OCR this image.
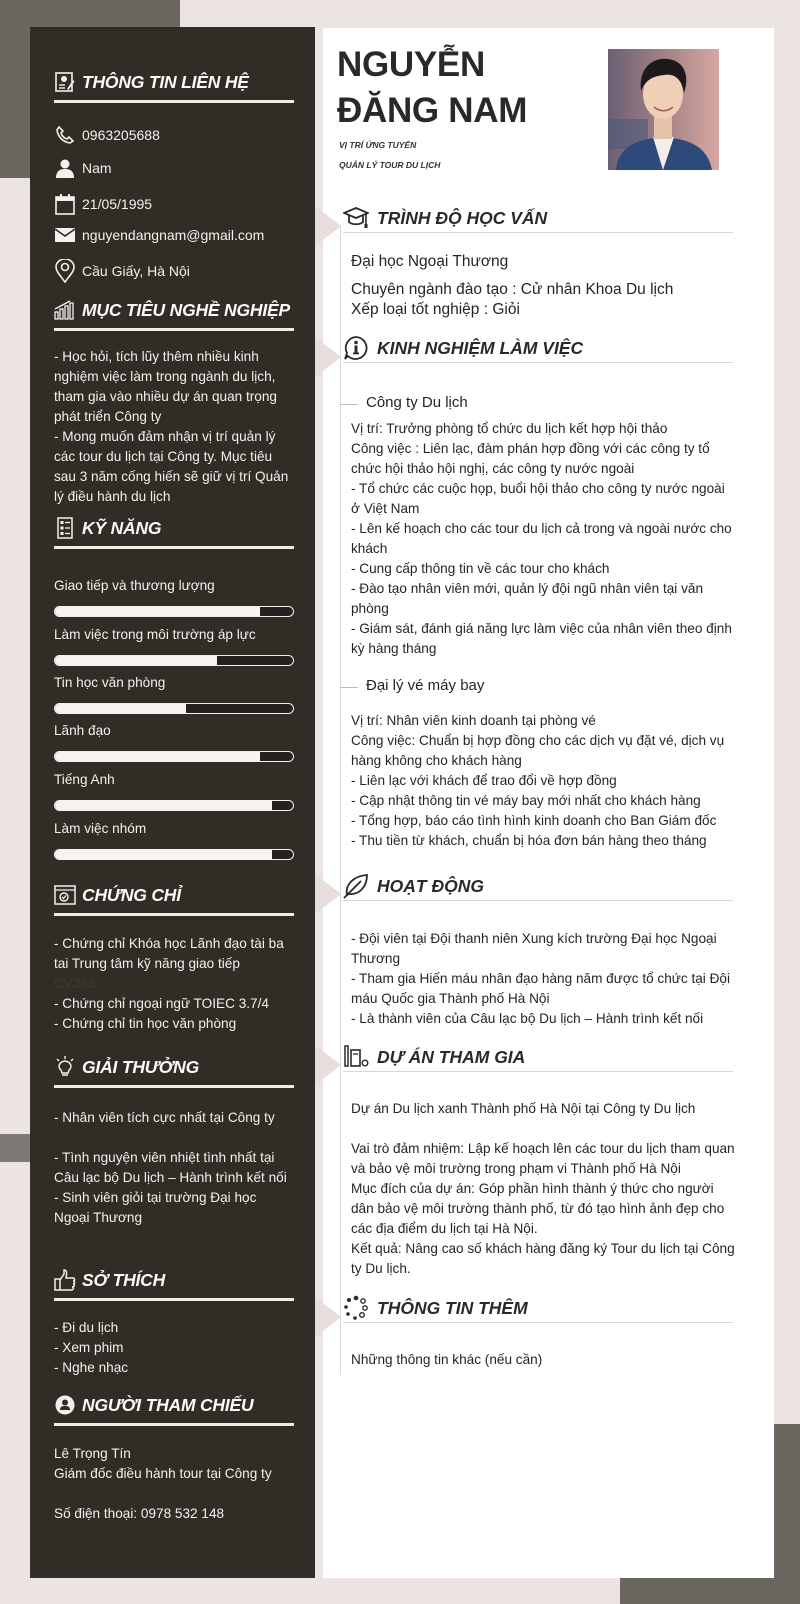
THÔNG TIN LIÊN HỆ
0963205688
Nam
21/05/1995
nguyendangnam@gmail.com
Cầu Giấy, Hà Nội
MỤC TIÊU NGHỀ NGHIỆP
- Học hỏi, tích lũy thêm nhiều kinh nghiệm việc làm trong ngành du lịch, tham gia vào nhiều dự án quan trọng phát triển Công ty
- Mong muốn đảm nhận vị trí quản lý các tour du lịch tại Công ty. Mục tiêu sau 3 năm cống hiến sẽ giữ vị trí Quản lý điều hành du lịch
KỸ NĂNG
Giao tiếp và thương lượng
Làm việc trong môi trường áp lực
Tin học văn phòng
Lãnh đạo
Tiếng Anh
Làm việc nhóm
CHỨNG CHỈ
- Chứng chỉ Khóa học Lãnh đạo tài ba tai Trung tâm kỹ năng giao tiếp
CV365
- Chứng chỉ ngoại ngữ TOIEC 3.7/4
- Chứng chỉ tin học văn phòng
GIẢI THƯỞNG
- Nhân viên tích cực nhất tại Công ty
- Tình nguyện viên nhiệt tình nhất tại Câu lạc bộ Du lịch – Hành trình kết nối
- Sinh viên giỏi tại trường Đại học Ngoại Thương
SỞ THÍCH
- Đi du lịch
- Xem phim
- Nghe nhạc
NGƯỜI THAM CHIẾU
Lê Trọng Tín
Giám đốc điều hành tour tại Công ty
Số điện thoại: 0978 532 148
NGUYỄN
ĐĂNG NAM
VỊ TRÍ ỨNG TUYỂN
QUẢN LÝ TOUR DU LỊCH
TRÌNH ĐỘ HỌC VẤN
Đại học Ngoại Thương
Chuyên ngành đào tạo : Cử nhân Khoa Du lịch
Xếp loại tốt nghiệp : Giỏi
KINH NGHIỆM LÀM VIỆC
Công ty Du lịch
Vị trí: Trưởng phòng tổ chức du lịch kết hợp hội thảo
Công việc : Liên lạc, đàm phán hợp đồng với các công ty tổ chức hội thảo hội nghị, các công ty nước ngoài
- Tổ chức các cuộc họp, buổi hội thảo cho công ty nước ngoài ở Việt Nam
- Lên kế hoạch cho các tour du lịch cả trong và ngoài nước cho khách
- Cung cấp thông tin về các tour cho khách
- Đào tạo nhân viên mới, quản lý đội ngũ nhân viên tại văn phòng
- Giám sát, đánh giá năng lực làm việc của nhân viên theo định kỳ hàng tháng
Đại lý vé máy bay
Vị trí: Nhân viên kinh doanh tại phòng vé
Công việc: Chuẩn bị hợp đồng cho các dịch vụ đặt vé, dịch vụ hàng không cho khách hàng
- Liên lạc với khách để trao đổi về hợp đồng
- Cập nhật thông tin vé máy bay mới nhất cho khách hàng
- Tổng hợp, báo cáo tình hình kinh doanh cho Ban Giám đốc
- Thu tiền từ khách, chuẩn bị hóa đơn bán hàng theo tháng
HOẠT ĐỘNG
- Đội viên tại Đội thanh niên Xung kích trường Đại học Ngoại Thương
- Tham gia Hiến máu nhân đạo hàng năm được tổ chức tại Đội máu Quốc gia Thành phố Hà Nội
- Là thành viên của Câu lạc bộ Du lịch – Hành trình kết nối
DỰ ÁN THAM GIA
Dự án Du lịch xanh Thành phố Hà Nội tại Công ty Du lịch
Vai trò đảm nhiệm: Lập kế hoạch lên các tour du lịch tham quan và bảo vệ môi trường trong phạm vi Thành phố Hà Nội
Mục đích của dự án: Góp phần hình thành ý thức cho người dân bảo vệ môi trường thành phố, từ đó tạo hình ảnh đẹp cho các địa điểm du lịch tại Hà Nội.
Kết quả: Nâng cao số khách hàng đăng ký Tour du lịch tại Công ty Du lịch.
THÔNG TIN THÊM
Những thông tin khác (nếu cần)
